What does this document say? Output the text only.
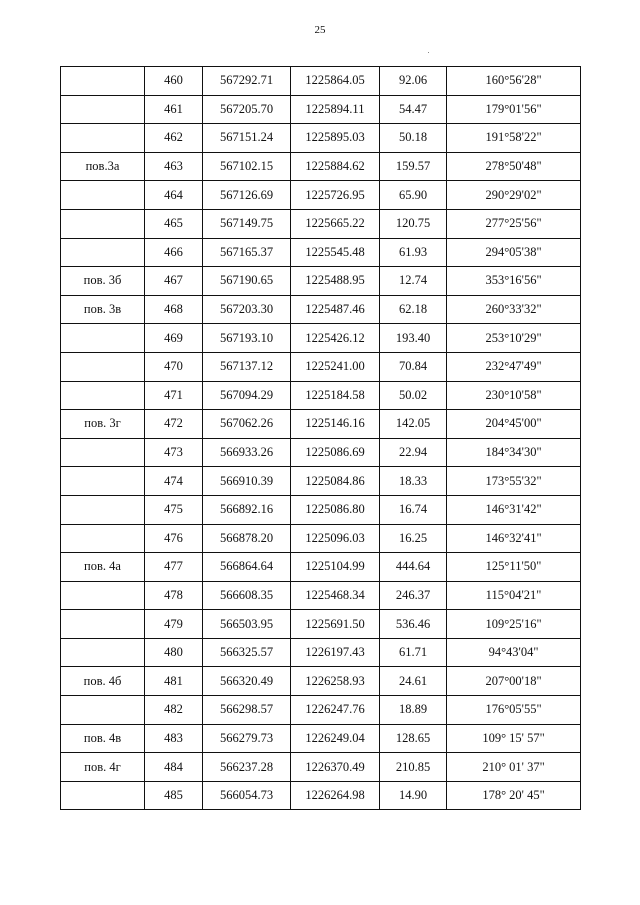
25
	460	567292.71	1225864.05	92.06	160°56'28"
	461	567205.70	1225894.11	54.47	179°01'56"
	462	567151.24	1225895.03	50.18	191°58'22"
пов.3а	463	567102.15	1225884.62	159.57	278°50'48"
	464	567126.69	1225726.95	65.90	290°29'02"
	465	567149.75	1225665.22	120.75	277°25'56"
	466	567165.37	1225545.48	61.93	294°05'38"
пов. 3б	467	567190.65	1225488.95	12.74	353°16'56"
пов. 3в	468	567203.30	1225487.46	62.18	260°33'32"
	469	567193.10	1225426.12	193.40	253°10'29"
	470	567137.12	1225241.00	70.84	232°47'49"
	471	567094.29	1225184.58	50.02	230°10'58"
пов. 3г	472	567062.26	1225146.16	142.05	204°45'00"
	473	566933.26	1225086.69	22.94	184°34'30"
	474	566910.39	1225084.86	18.33	173°55'32"
	475	566892.16	1225086.80	16.74	146°31'42"
	476	566878.20	1225096.03	16.25	146°32'41"
пов. 4а	477	566864.64	1225104.99	444.64	125°11'50"
	478	566608.35	1225468.34	246.37	115°04'21"
	479	566503.95	1225691.50	536.46	109°25'16"
	480	566325.57	1226197.43	61.71	94°43'04"
пов. 4б	481	566320.49	1226258.93	24.61	207°00'18"
	482	566298.57	1226247.76	18.89	176°05'55"
пов. 4в	483	566279.73	1226249.04	128.65	109° 15' 57"
пов. 4г	484	566237.28	1226370.49	210.85	210° 01' 37"
	485	566054.73	1226264.98	14.90	178° 20' 45"
